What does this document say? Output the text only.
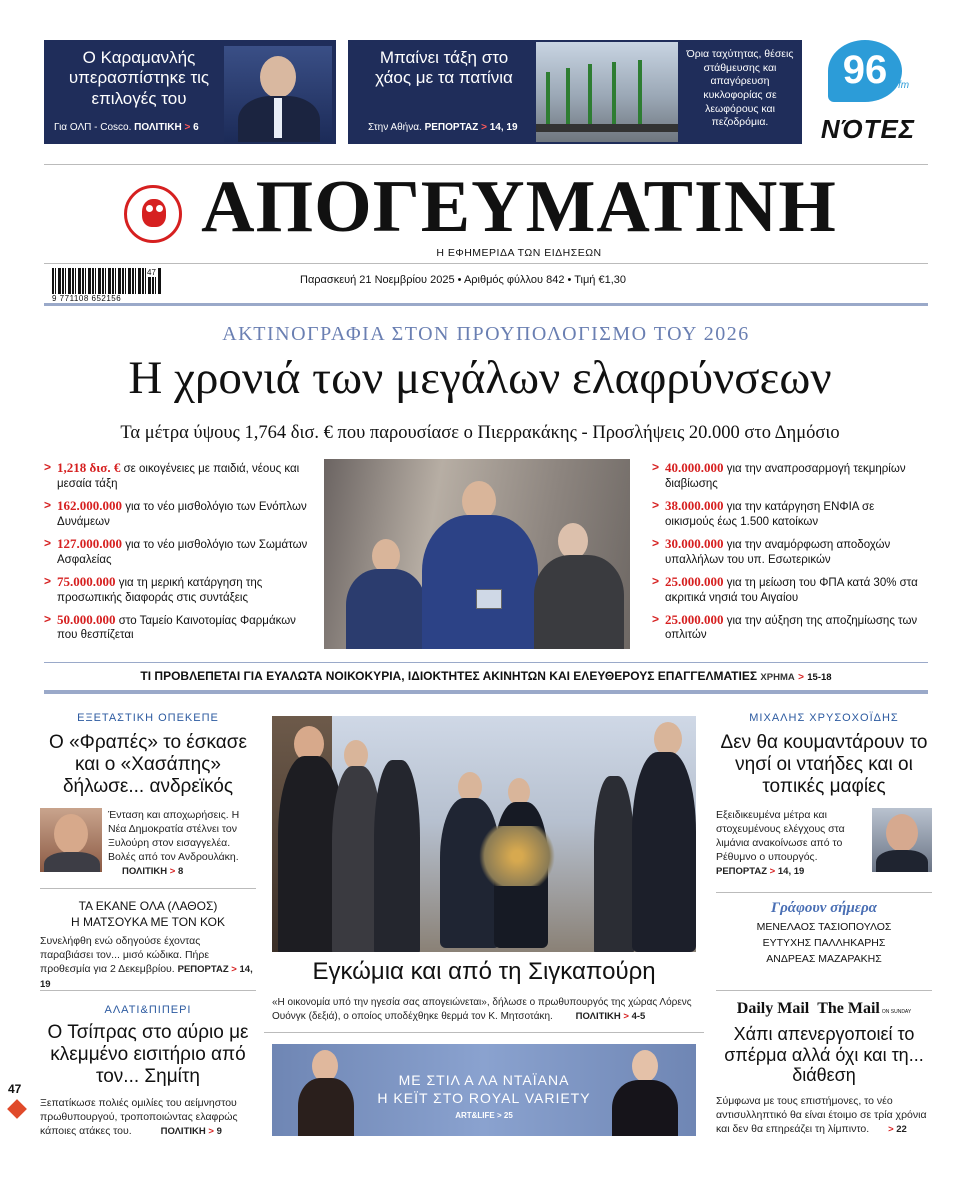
Ο Καραμανλής υπερασπίστηκε τις επιλογές του
Για ΟΛΠ - Cosco. ΠΟΛΙΤΙΚΗ > 6
Μπαίνει τάξη στο χάος με τα πατίνια
Στην Αθήνα. ΡΕΠΟΡΤΑΖ > 14, 19
Όρια ταχύτητας, θέσεις στάθμευσης και απαγόρευση κυκλοφορίας σε λεωφόρους και πεζοδρόμια.
96	fm
ΝΌΤΕΣ
ΑΠΟΓΕΥΜΑΤΙΝΗ
Η ΕΦΗΜΕΡΙΔΑ ΤΩΝ ΕΙΔΗΣΕΩΝ
47
9 771108 652156
Παρασκευή 21 Νοεμβρίου 2025 • Αριθμός φύλλου 842 • Τιμή €1,30
ΑΚΤΙΝΟΓΡΑΦΙΑ ΣΤΟΝ ΠΡΟΥΠΟΛΟΓΙΣΜΟ ΤΟΥ 2026
Η χρονιά των μεγάλων ελαφρύνσεων
Τα μέτρα ύψους 1,764 δισ. € που παρουσίασε ο Πιερρακάκης - Προσλήψεις 20.000 στο Δημόσιο
> 1,218 δισ. € σε οικογένειες με παιδιά, νέους και μεσαία τάξη
> 162.000.000 για το νέο μισθολόγιο των Ενόπλων Δυνάμεων
> 127.000.000 για το νέο μισθολόγιο των Σωμάτων Ασφαλείας
> 75.000.000 για τη μερική κατάργηση της προσωπικής διαφοράς στις συντάξεις
> 50.000.000 στο Ταμείο Καινοτομίας Φαρμάκων που θεσπίζεται
> 40.000.000 για την αναπροσαρμογή τεκμηρίων διαβίωσης
> 38.000.000 για την κατάργηση ΕΝΦΙΑ σε οικισμούς έως 1.500 κατοίκων
> 30.000.000 για την αναμόρφωση αποδοχών υπαλλήλων του υπ. Εσωτερικών
> 25.000.000 για τη μείωση του ΦΠΑ κατά 30% στα ακριτικά νησιά του Αιγαίου
> 25.000.000 για την αύξηση της αποζημίωσης των οπλιτών
ΤΙ ΠΡΟΒΛΕΠΕΤΑΙ ΓΙΑ ΕΥΑΛΩΤΑ ΝΟΙΚΟΚΥΡΙΑ, ΙΔΙΟΚΤΗΤΕΣ ΑΚΙΝΗΤΩΝ ΚΑΙ ΕΛΕΥΘΕΡΟΥΣ ΕΠΑΓΓΕΛΜΑΤΙΕΣ ΧΡΗΜΑ > 15-18
ΕΞΕΤΑΣΤΙΚΗ ΟΠΕΚΕΠΕ
Ο «Φραπές» το έσκασε και ο «Χασάπης» δήλωσε... ανδρεϊκός
Ένταση και αποχωρήσεις. Η Νέα Δημοκρατία στέλνει τον Ξυλούρη στον εισαγγελέα. Βολές από τον Ανδρουλάκη. ΠΟΛΙΤΙΚΗ > 8
ΤΑ ΕΚΑΝΕ ΟΛΑ (ΛΑΘΟΣ)
Η ΜΑΤΣΟΥΚΑ ΜΕ ΤΟΝ ΚΟΚ
Συνελήφθη ενώ οδηγούσε έχοντας παραβιάσει τον... μισό κώδικα. Πήρε προθεσμία για 2 Δεκεμβρίου. ΡΕΠΟΡΤΑΖ > 14, 19
ΑΛΑΤΙ&ΠΙΠΕΡΙ
Ο Τσίπρας στο αύριο με κλεμμένο εισιτήριο από τον... Σημίτη
Ξεπατίκωσε πολιές ομιλίες του αείμνηστου πρωθυπουργού, τροποποιώντας ελαφρώς κάποιες ατάκες του.	ΠΟΛΙΤΙΚΗ > 9
47
Εγκώμια και από τη Σιγκαπούρη
«Η οικονομία υπό την ηγεσία σας απογειώνεται», δήλωσε ο πρωθυπουργός της χώρας Λόρενς Ουόνγκ (δεξιά), ο οποίος υποδέχθηκε θερμά τον Κ. Μητσοτάκη. ΠΟΛΙΤΙΚΗ > 4-5
ΜΕ ΣΤΙΛ Α ΛΑ ΝΤΑΪΑΝΑ
Η ΚΕΪΤ ΣΤΟ ROYAL VARIETY
ART&LIFE > 25
ΜΙΧΑΛΗΣ ΧΡΥΣΟΧΟΪΔΗΣ
Δεν θα κουμαντάρουν το νησί οι νταήδες και οι τοπικές μαφίες
Εξειδικευμένα μέτρα και στοχευμένους ελέγχους στα λιμάνια ανακοίνωσε από το Ρέθυμνο ο υπουργός. ΡΕΠΟΡΤΑΖ > 14, 19
Γράφουν σήμερα
ΜΕΝΕΛΑΟΣ ΤΑΣΙΟΠΟΥΛΟΣ
ΕΥΤΥΧΗΣ ΠΑΛΛΗΚΑΡΗΣ
ΑΝΔΡΕΑΣ ΜΑΖΑΡΑΚΗΣ
Daily Mail The Mail ON SUNDAY
Χάπι απενεργοποιεί το σπέρμα αλλά όχι και τη... διάθεση
Σύμφωνα με τους επιστήμονες, το νέο αντισυλληπτικό θα είναι έτοιμο σε τρία χρόνια και δεν θα επηρεάζει τη λίμπιντο. > 22
